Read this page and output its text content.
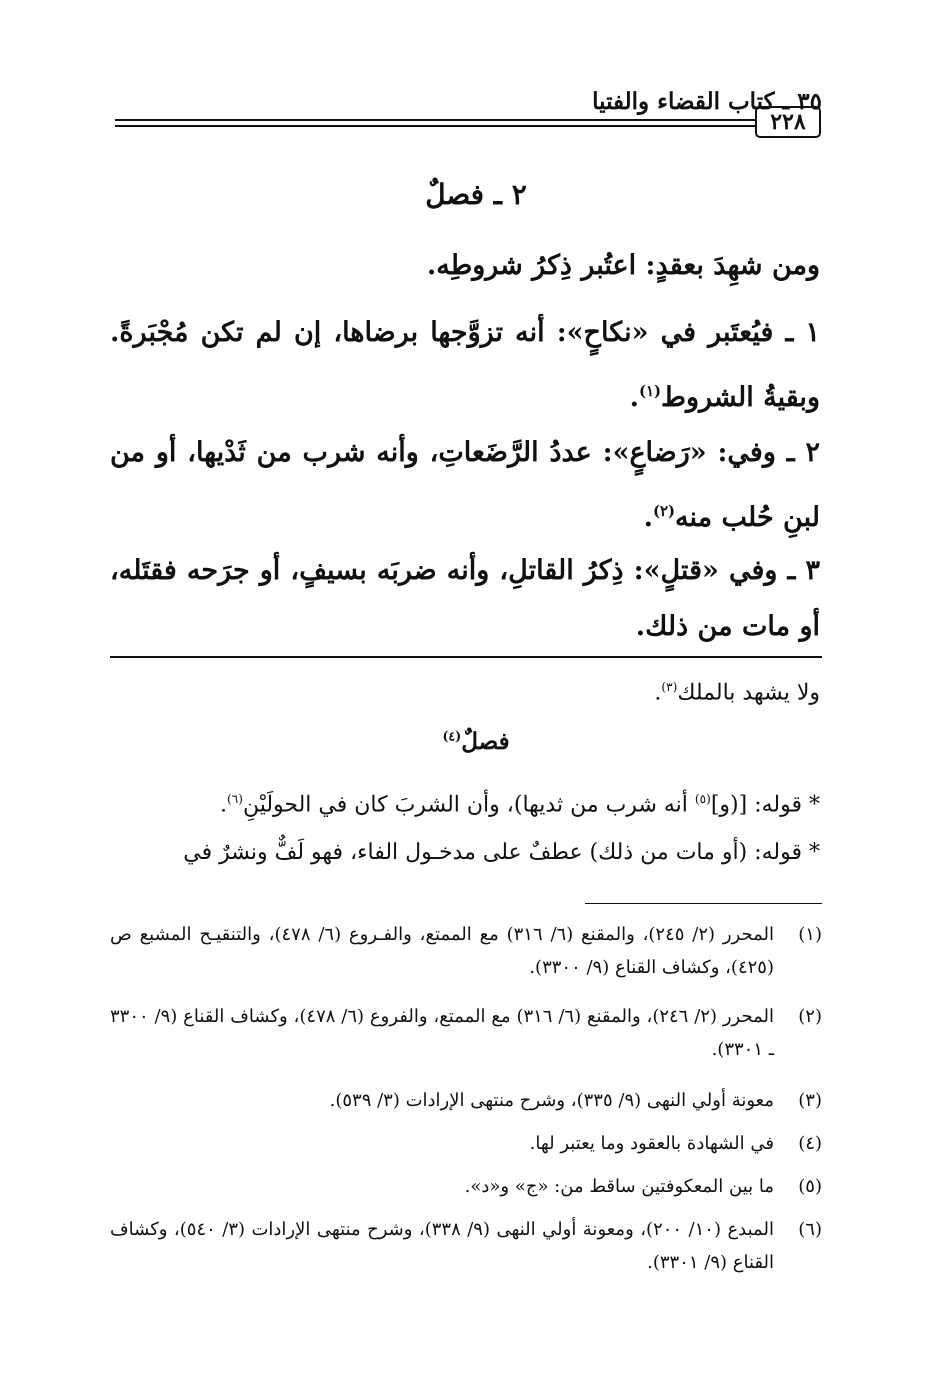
٣٥ ـ كتاب القضاء والفتيا
٢٢٨
٢ ـ فصلٌ
ومن شهِدَ بعقدٍ: اعتُبر ذِكرُ شروطِه.
١ ـ فيُعتَبر في «نكاحٍ»: أنه تزوَّجها برضاها، إن لم تكن مُجْبَرةً. وبقيةُ الشروط$^{(١)}$.
٢ ـ وفي: «رَضاعٍ»: عددُ الرَّضَعاتِ، وأنه شرب من ثَدْيها، أو من لبنِ حُلب منه$^{(٢)}$.
٣ ـ وفي «قتلٍ»: ذِكرُ القاتلِ، وأنه ضربَه بسيفٍ، أو جرَحه فقتَله، أو مات من ذلك.
ولا يشهد بالملك$^{(٣)}$.
فصلٌ$^{(٤)}$
* قوله: [(و]$^{(٥)}$ أنه شرب من ثديها)، وأن الشربَ كان في الحولَيْنِ$^{(٦)}$.
* قوله: (أو مات من ذلك) عطفٌ على مدخـول الفاء، فهو لَفٌّ ونشرٌ في
(١)
المحرر (٢/ ٢٤٥)، والمقنع (٦/ ٣١٦) مع الممتع، والفـروع (٦/ ٤٧٨)، والتنقيـح المشبع ص (٤٢٥)، وكشاف القناع (٩/ ٣٣٠٠).
(٢)
المحرر (٢/ ٢٤٦)، والمقنع (٦/ ٣١٦) مع الممتع، والفروع (٦/ ٤٧٨)، وكشاف القناع (٩/ ٣٣٠٠ ـ ٣٣٠١).
(٣)
معونة أولي النهى (٩/ ٣٣٥)، وشرح منتهى الإرادات (٣/ ٥٣٩).
(٤)
في الشهادة بالعقود وما يعتبر لها.
(٥)
ما بين المعكوفتين ساقط من: «ج» و«د».
(٦)
المبدع (١٠/ ٢٠٠)، ومعونة أولي النهى (٩/ ٣٣٨)، وشرح منتهى الإرادات (٣/ ٥٤٠)، وكشاف القناع (٩/ ٣٣٠١).
